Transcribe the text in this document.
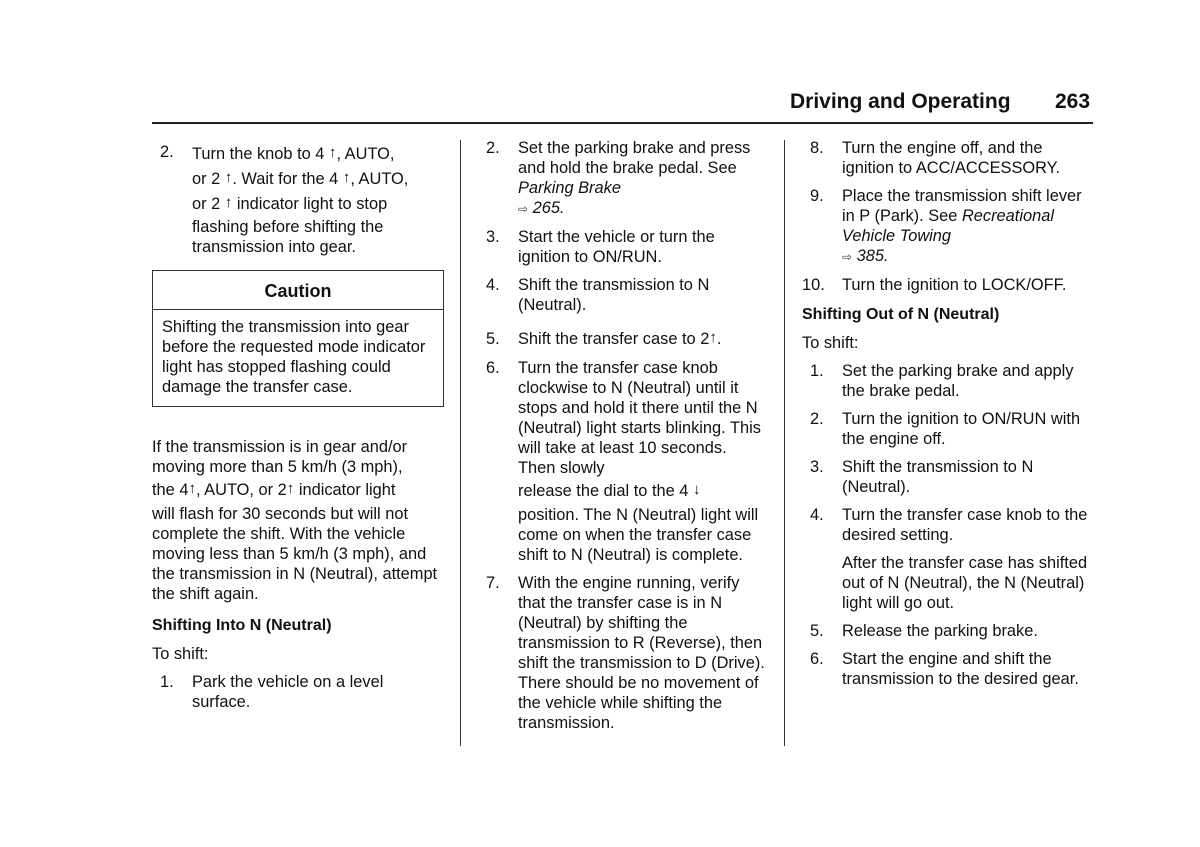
Driving and Operating 263
2. Turn the knob to 4 ↑, AUTO,
or 2 ↑. Wait for the 4 ↑, AUTO,
or 2 ↑ indicator light to stop

flashing before shifting the transmission into gear.

Caution
Shifting the transmission into gear before the requested mode indicator light has stopped flashing could damage the transfer case.
If the transmission is in gear and/or moving more than 5 km/h (3 mph),
the 4↑, AUTO, or 2↑ indicator light
will flash for 30 seconds but will not complete the shift. With the vehicle moving less than 5 km/h (3 mph), and the transmission in N (Neutral), attempt the shift again.
Shifting Into N (Neutral)
To shift:
1. Park the vehicle on a level surface.

2. Set the parking brake and press and hold the brake pedal. See Parking Brake
⇨ 265.

3. Start the vehicle or turn the ignition to ON/RUN.

4. Shift the transmission to N (Neutral).

5. Shift the transfer case to 2↑.

6. Turn the transfer case knob clockwise to N (Neutral) until it stops and hold it there until the N (Neutral) light starts blinking. This will take at least 10 seconds. Then slowly
release the dial to the 4 ↓
position. The N (Neutral) light will come on when the transfer case shift to N (Neutral) is complete.

7. With the engine running, verify that the transfer case is in N (Neutral) by shifting the transmission to R (Reverse), then shift the transmission to D (Drive). There should be no movement of the vehicle while shifting the transmission.

8. Turn the engine off, and the ignition to ACC/ACCESSORY.

9. Place the transmission shift lever in P (Park). See Recreational Vehicle Towing
⇨ 385.

10. Turn the ignition to LOCK/OFF.

Shifting Out of N (Neutral)
To shift:
1. Set the parking brake and apply the brake pedal.

2. Turn the ignition to ON/RUN with the engine off.

3. Shift the transmission to N (Neutral).

4. Turn the transfer case knob to the desired setting.

After the transfer case has shifted out of N (Neutral), the N (Neutral) light will go out.

5. Release the parking brake.

6. Start the engine and shift the transmission to the desired gear.
